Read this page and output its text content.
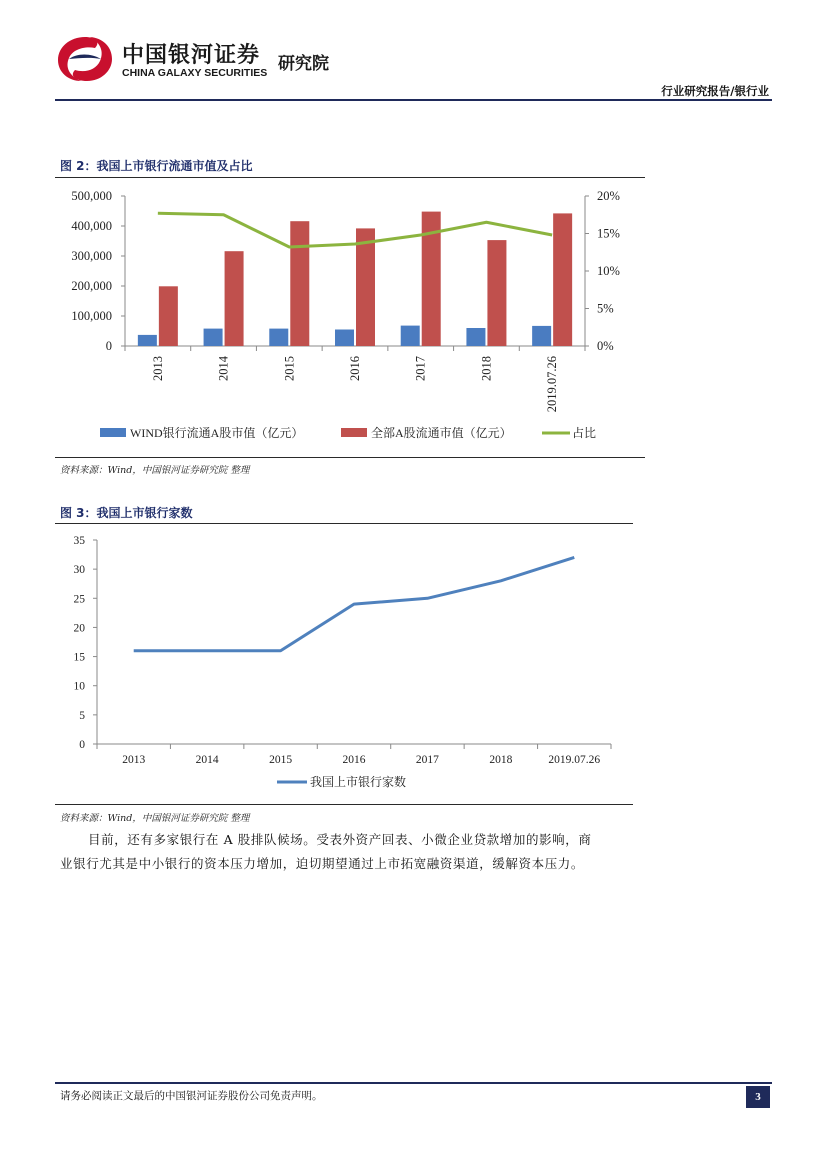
中国银河证券
CHINA GALAXY SECURITIES 研究院
行业研究报告/银行业
图 2：我国上市银行流通市值及占比
0
100,000
200,000
300,000
400,000
500,000
0%
5%
10%
15%
20%
2013	2014	2015	2016	2017	2018	2019.07.26
WIND银行流通A股市值（亿元）	全部A股流通市值（亿元）	占比
资料来源：Wind，中国银河证券研究院 整理
图 3：我国上市银行家数
0
5
10
15
20
25
30
35
2013	2014	2015	2016	2017	2018	2019.07.26
我国上市银行家数
资料来源：Wind，中国银河证券研究院 整理
目前，还有多家银行在 A 股排队候场。受表外资产回表、小微企业贷款增加的影响，商
业银行尤其是中小银行的资本压力增加，迫切期望通过上市拓宽融资渠道，缓解资本压力。
请务必阅读正文最后的中国银河证券股份公司免责声明。	3
